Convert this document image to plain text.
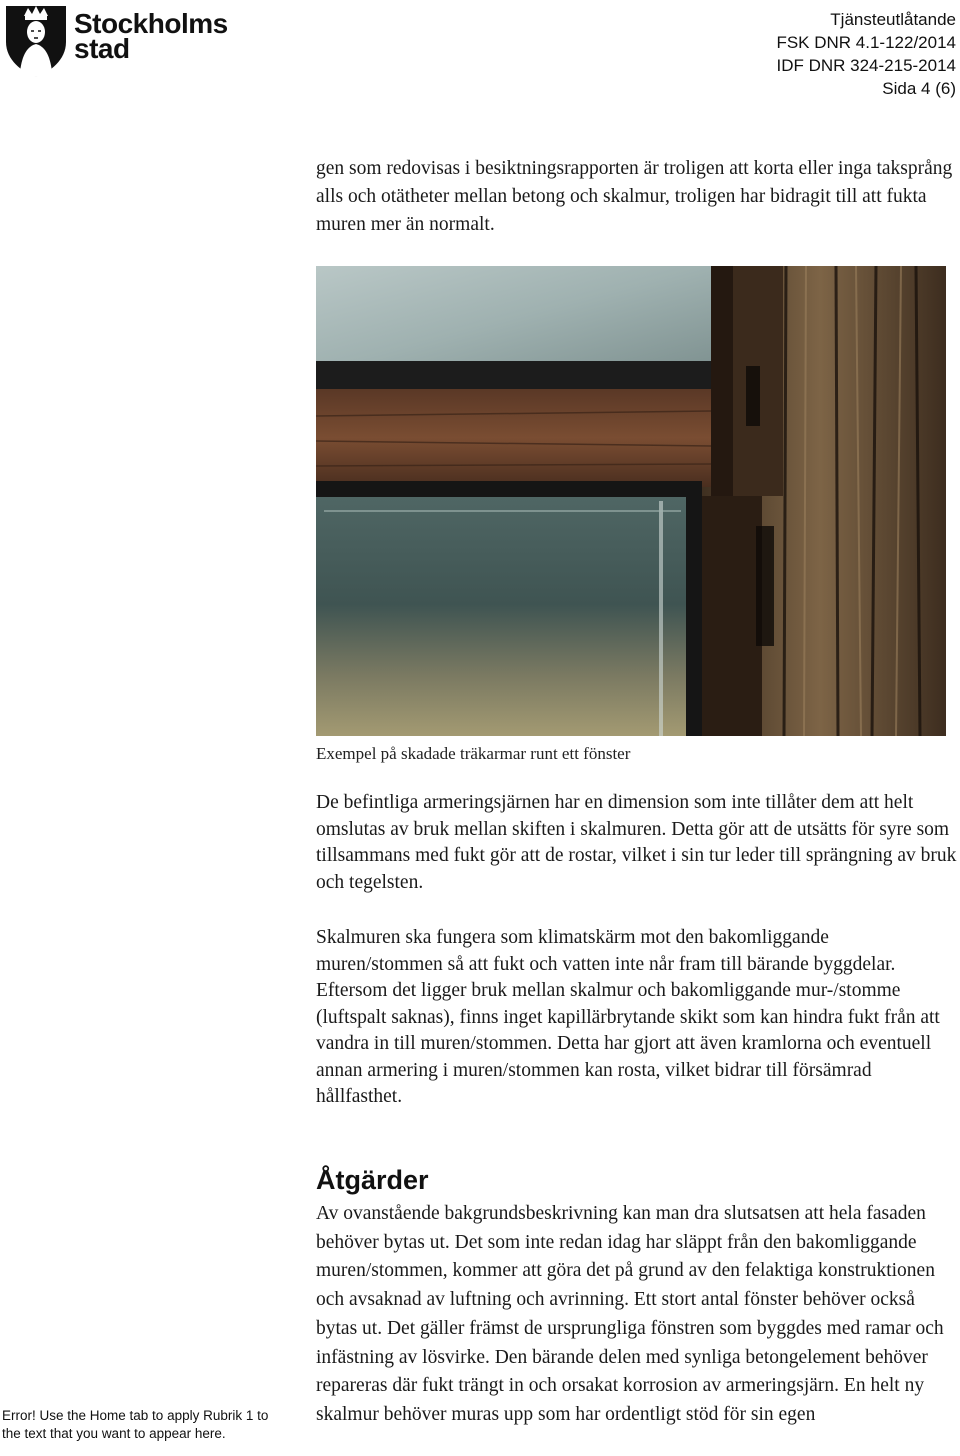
Stockholms
stad
Tjänsteutlåtande
FSK DNR 4.1-122/2014
IDF DNR 324-215-2014
Sida 4 (6)

gen som redovisas i besiktningsrapporten är troligen att korta eller inga taksprång alls och otätheter mellan betong och skalmur, troligen har bidragit till att fukta muren mer än normalt.

Exempel på skadade träkarmar runt ett fönster

De befintliga armeringsjärnen har en dimension som inte tillåter dem att helt omslutas av bruk mellan skiften i skalmuren. Detta gör att de utsätts för syre som tillsammans med fukt gör att de rostar, vilket i sin tur leder till sprängning av bruk och tegelsten.

Skalmuren ska fungera som klimatskärm mot den bakomliggande muren/stommen så att fukt och vatten inte når fram till bärande byggdelar. Eftersom det ligger bruk mellan skalmur och bakomliggande mur-/stomme (luftspalt saknas), finns inget kapillärbrytande skikt som kan hindra fukt från att vandra in till muren/stommen. Detta har gjort att även kramlorna och eventuell annan armering i muren/stommen kan rosta, vilket bidrar till försämrad hållfasthet.

Åtgärder

Av ovanstående bakgrundsbeskrivning kan man dra slutsatsen att hela fasaden behöver bytas ut. Det som inte redan idag har släppt från den bakomliggande muren/stommen, kommer att göra det på grund av den felaktiga konstruktionen och avsaknad av luftning och avrinning. Ett stort antal fönster behöver också bytas ut. Det gäller främst de ursprungliga fönstren som byggdes med ramar och infästning av lösvirke. Den bärande delen med synliga betongelement behöver repareras där fukt trängt in och orsakat korrosion av armeringsjärn. En helt ny skalmur behöver muras upp som har ordentligt stöd för sin egen

Error! Use the Home tab to apply Rubrik 1 to the text that you want to appear here.
